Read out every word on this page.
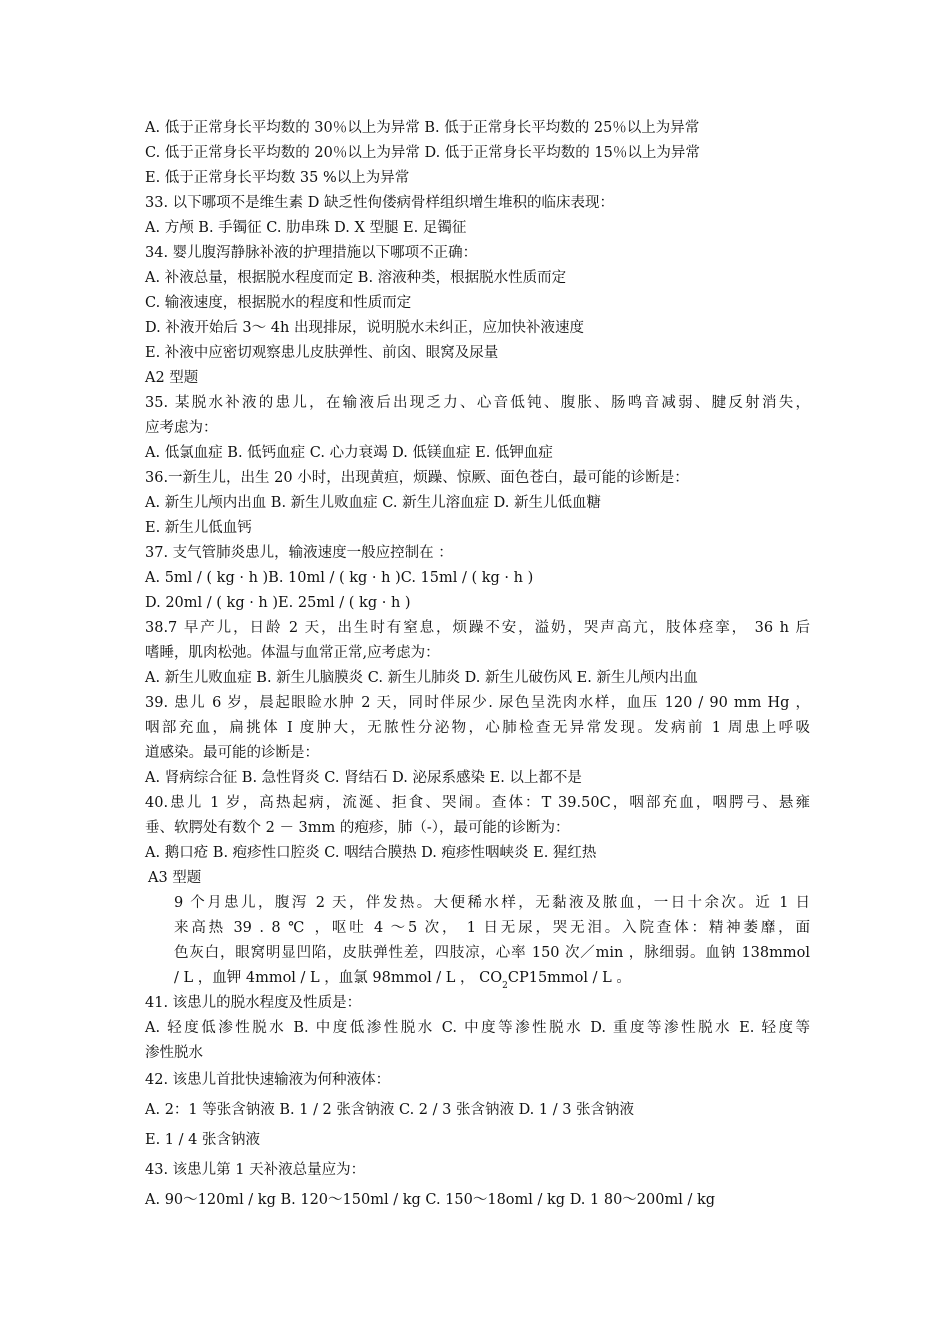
A. 低于正常身长平均数的 30％以上为异常 B. 低于正常身长平均数的 25％以上为异常
C. 低于正常身长平均数的 20％以上为异常 D. 低于正常身长平均数的 15％以上为异常
E. 低于正常身长平均数 35 %以上为异常
33. 以下哪项不是维生素 D 缺乏性佝偻病骨样组织增生堆积的临床表现：
A. 方颅 B. 手镯征 C. 肋串珠 D. X 型腿 E. 足镯征
34. 婴儿腹泻静脉补液的护理措施以下哪项不正确：
A. 补液总量，根据脱水程度而定 B. 溶液种类，根据脱水性质而定
C. 输液速度，根据脱水的程度和性质而定
D. 补液开始后 3～ 4h 出现排尿，说明脱水未纠正，应加快补液速度
E. 补液中应密切观察患儿皮肤弹性、前囟、眼窝及尿量
A2 型题
35. 某脱水补液的患儿，在输液后出现乏力、心音低钝、腹胀、肠鸣音减弱、腱反射消失，
应考虑为：
A. 低氯血症 B. 低钙血症 C. 心力衰竭 D. 低镁血症 E. 低钾血症
36.一新生儿，出生 20 小时，出现黄疸，烦躁、惊厥、面色苍白，最可能的诊断是：
A. 新生儿颅内出血 B. 新生儿败血症 C. 新生儿溶血症 D. 新生儿低血糖
E. 新生儿低血钙
37. 支气管肺炎患儿，输液速度一般应控制在 ：
A. 5ml / ( kg · h )B. 10ml / ( kg · h )C. 15ml / ( kg · h )
D. 20ml / ( kg · h )E. 25ml / ( kg · h )
38.7 早产儿，日龄 2 天，出生时有窒息，烦躁不安，溢奶，哭声高亢，肢体痉挛， 36 h 后
嗜睡，肌肉松弛。体温与血常正常,应考虑为：
A. 新生儿败血症 B. 新生儿脑膜炎 C. 新生儿肺炎 D. 新生儿破伤风 E. 新生儿颅内出血
39. 患儿 6 岁，晨起眼睑水肿 2 天，同时伴尿少. 尿色呈洗肉水样，血压 120 / 90 mm Hg ，
咽部充血，扁挑体 I 度肿大，无脓性分泌物，心肺检查无异常发现。发病前 1 周患上呼吸
道感染。最可能的诊断是：
A. 肾病综合征 B. 急性肾炎 C. 肾结石 D. 泌尿系感染 E. 以上都不是
40.患儿 1 岁，高热起病，流涎、拒食、哭闹。查体：T 39.50C，咽部充血，咽腭弓、悬雍
垂、软腭处有数个 2 － 3mm 的疱疹，肺（-），最可能的诊断为：
A. 鹅口疮 B. 疱疹性口腔炎 C. 咽结合膜热 D. 疱疹性咽峡炎 E. 猩红热
A3 型题
9 个月患儿，腹泻 2 天，伴发热。大便稀水样，无黏液及脓血，一日十余次。近 1 日
来高热 39 . 8 ℃ ，呕吐 4 ～5 次， 1 日无尿，哭无泪。入院查体：精神萎靡，面
色灰白，眼窝明显凹陷，皮肤弹性差，四肢凉，心率 150 次／min ，脉细弱。血钠 138mmol
/ L ，血钾 4mmol / L ，血氯 98mmol / L ， $CO_2CP15mmol$ / L 。
41. 该患儿的脱水程度及性质是：
A. 轻度低渗性脱水 B. 中度低渗性脱水 C. 中度等渗性脱水 D. 重度等渗性脱水 E. 轻度等
渗性脱水
42. 该患儿首批快速输液为何种液体：
A. 2：1 等张含钠液 B. 1 / 2 张含钠液 C. 2 / 3 张含钠液 D. 1 / 3 张含钠液
E. 1 / 4 张含钠液
43. 该患儿第 1 天补液总量应为：
A. 90～120ml / kg B. 120～150ml / kg C. 150～18oml / kg D. 1 80～200ml / kg
